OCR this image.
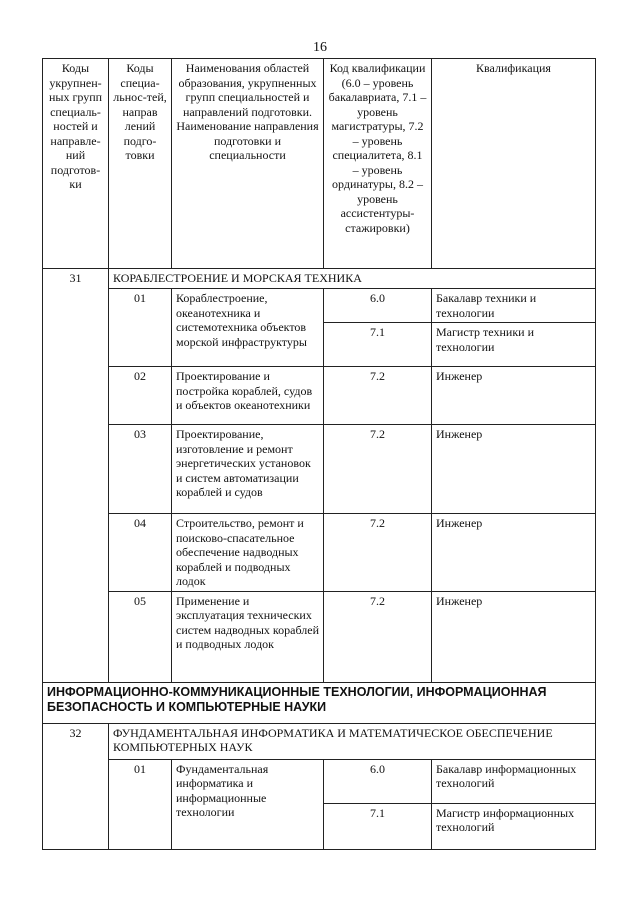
16
Коды укрупнен-ных групп специаль-ностей и направле-ний подготов-ки	Коды специа-льнос-тей, направ лений подго-товки	Наименования областей образования, укрупненных групп специальностей и направлений подготовки. Наименование направления подготовки и специальности	Код квалификации (6.0 – уровень бакалавриата, 7.1 – уровень магистратуры, 7.2 – уровень специалитета, 8.1 – уровень ординатуры, 8.2 – уровень ассистентуры-стажировки)	Квалификация
31	КОРАБЛЕСТРОЕНИЕ И МОРСКАЯ ТЕХНИКА			
	01	Кораблестроение, океанотехника и системотехника объектов морской инфраструктуры	6.0	Бакалавр техники и технологии
			7.1	Магистр техники и технологии
	02	Проектирование и постройка кораблей, судов и объектов океанотехники	7.2	Инженер
	03	Проектирование, изготовление и ремонт энергетических установок и систем автоматизации кораблей и судов	7.2	Инженер
	04	Строительство, ремонт и поисково-спасательное обеспечение надводных кораблей и подводных лодок	7.2	Инженер
	05	Применение и эксплуатация технических систем надводных кораблей и подводных лодок	7.2	Инженер
ИНФОРМАЦИОННО-КОММУНИКАЦИОННЫЕ ТЕХНОЛОГИИ, ИНФОРМАЦИОННАЯ БЕЗОПАСНОСТЬ И КОМПЬЮТЕРНЫЕ НАУКИ				
32	ФУНДАМЕНТАЛЬНАЯ ИНФОРМАТИКА И МАТЕМАТИЧЕСКОЕ ОБЕСПЕЧЕНИЕ КОМПЬЮТЕРНЫХ НАУК			
	01	Фундаментальная информатика и информационные технологии	6.0	Бакалавр информационных технологий
			7.1	Магистр информационных технологий
